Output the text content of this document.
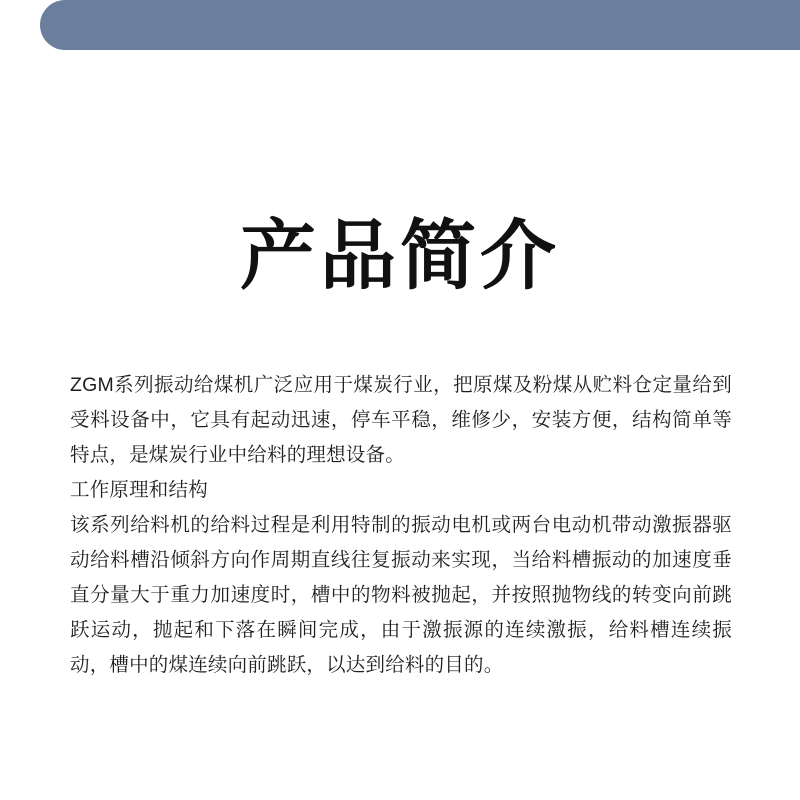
产品简介

ZGM系列振动给煤机广泛应用于煤炭行业，把原煤及粉煤从贮料仓定量给到受料设备中，它具有起动迅速，停车平稳，维修少，安装方便，结构简单等特点，是煤炭行业中给料的理想设备。

工作原理和结构

该系列给料机的给料过程是利用特制的振动电机或两台电动机带动激振器驱动给料槽沿倾斜方向作周期直线往复振动来实现，当给料槽振动的加速度垂直分量大于重力加速度时，槽中的物料被抛起，并按照抛物线的转变向前跳跃运动，抛起和下落在瞬间完成，由于激振源的连续激振，给料槽连续振动，槽中的煤连续向前跳跃，以达到给料的目的。
